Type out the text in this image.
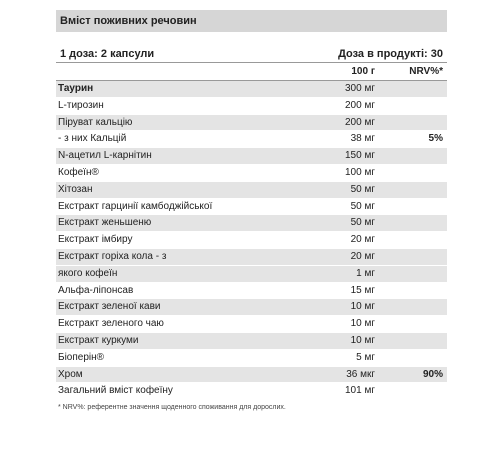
Вміст поживних речовин
1 доза: 2 капсули	Доза в продукті: 30
100 г	NRV%*
Таурин	300 мг
L-тирозин	200 мг
Піруват кальцію	200 мг
- з них Кальцій	38 мг	5%
N-ацетил L-карнітин	150 мг
Кофеїн®	100 мг
Хітозан	50 мг
Екстракт гарцинії камбоджійської	50 мг
Екстракт женьшеню	50 мг
Екстракт імбиру	20 мг
Екстракт горіха кола - з	20 мг
якого кофеїн	1 мг
Альфа-ліпонсав	15 мг
Екстракт зеленої кави	10 мг
Екстракт зеленого чаю	10 мг
Екстракт куркуми	10 мг
Біоперін®	5 мг
Хром	36 мкг	90%
Загальний вміст кофеїну	101 мг
* NRV%: референтне значення щоденного споживання для дорослих.
